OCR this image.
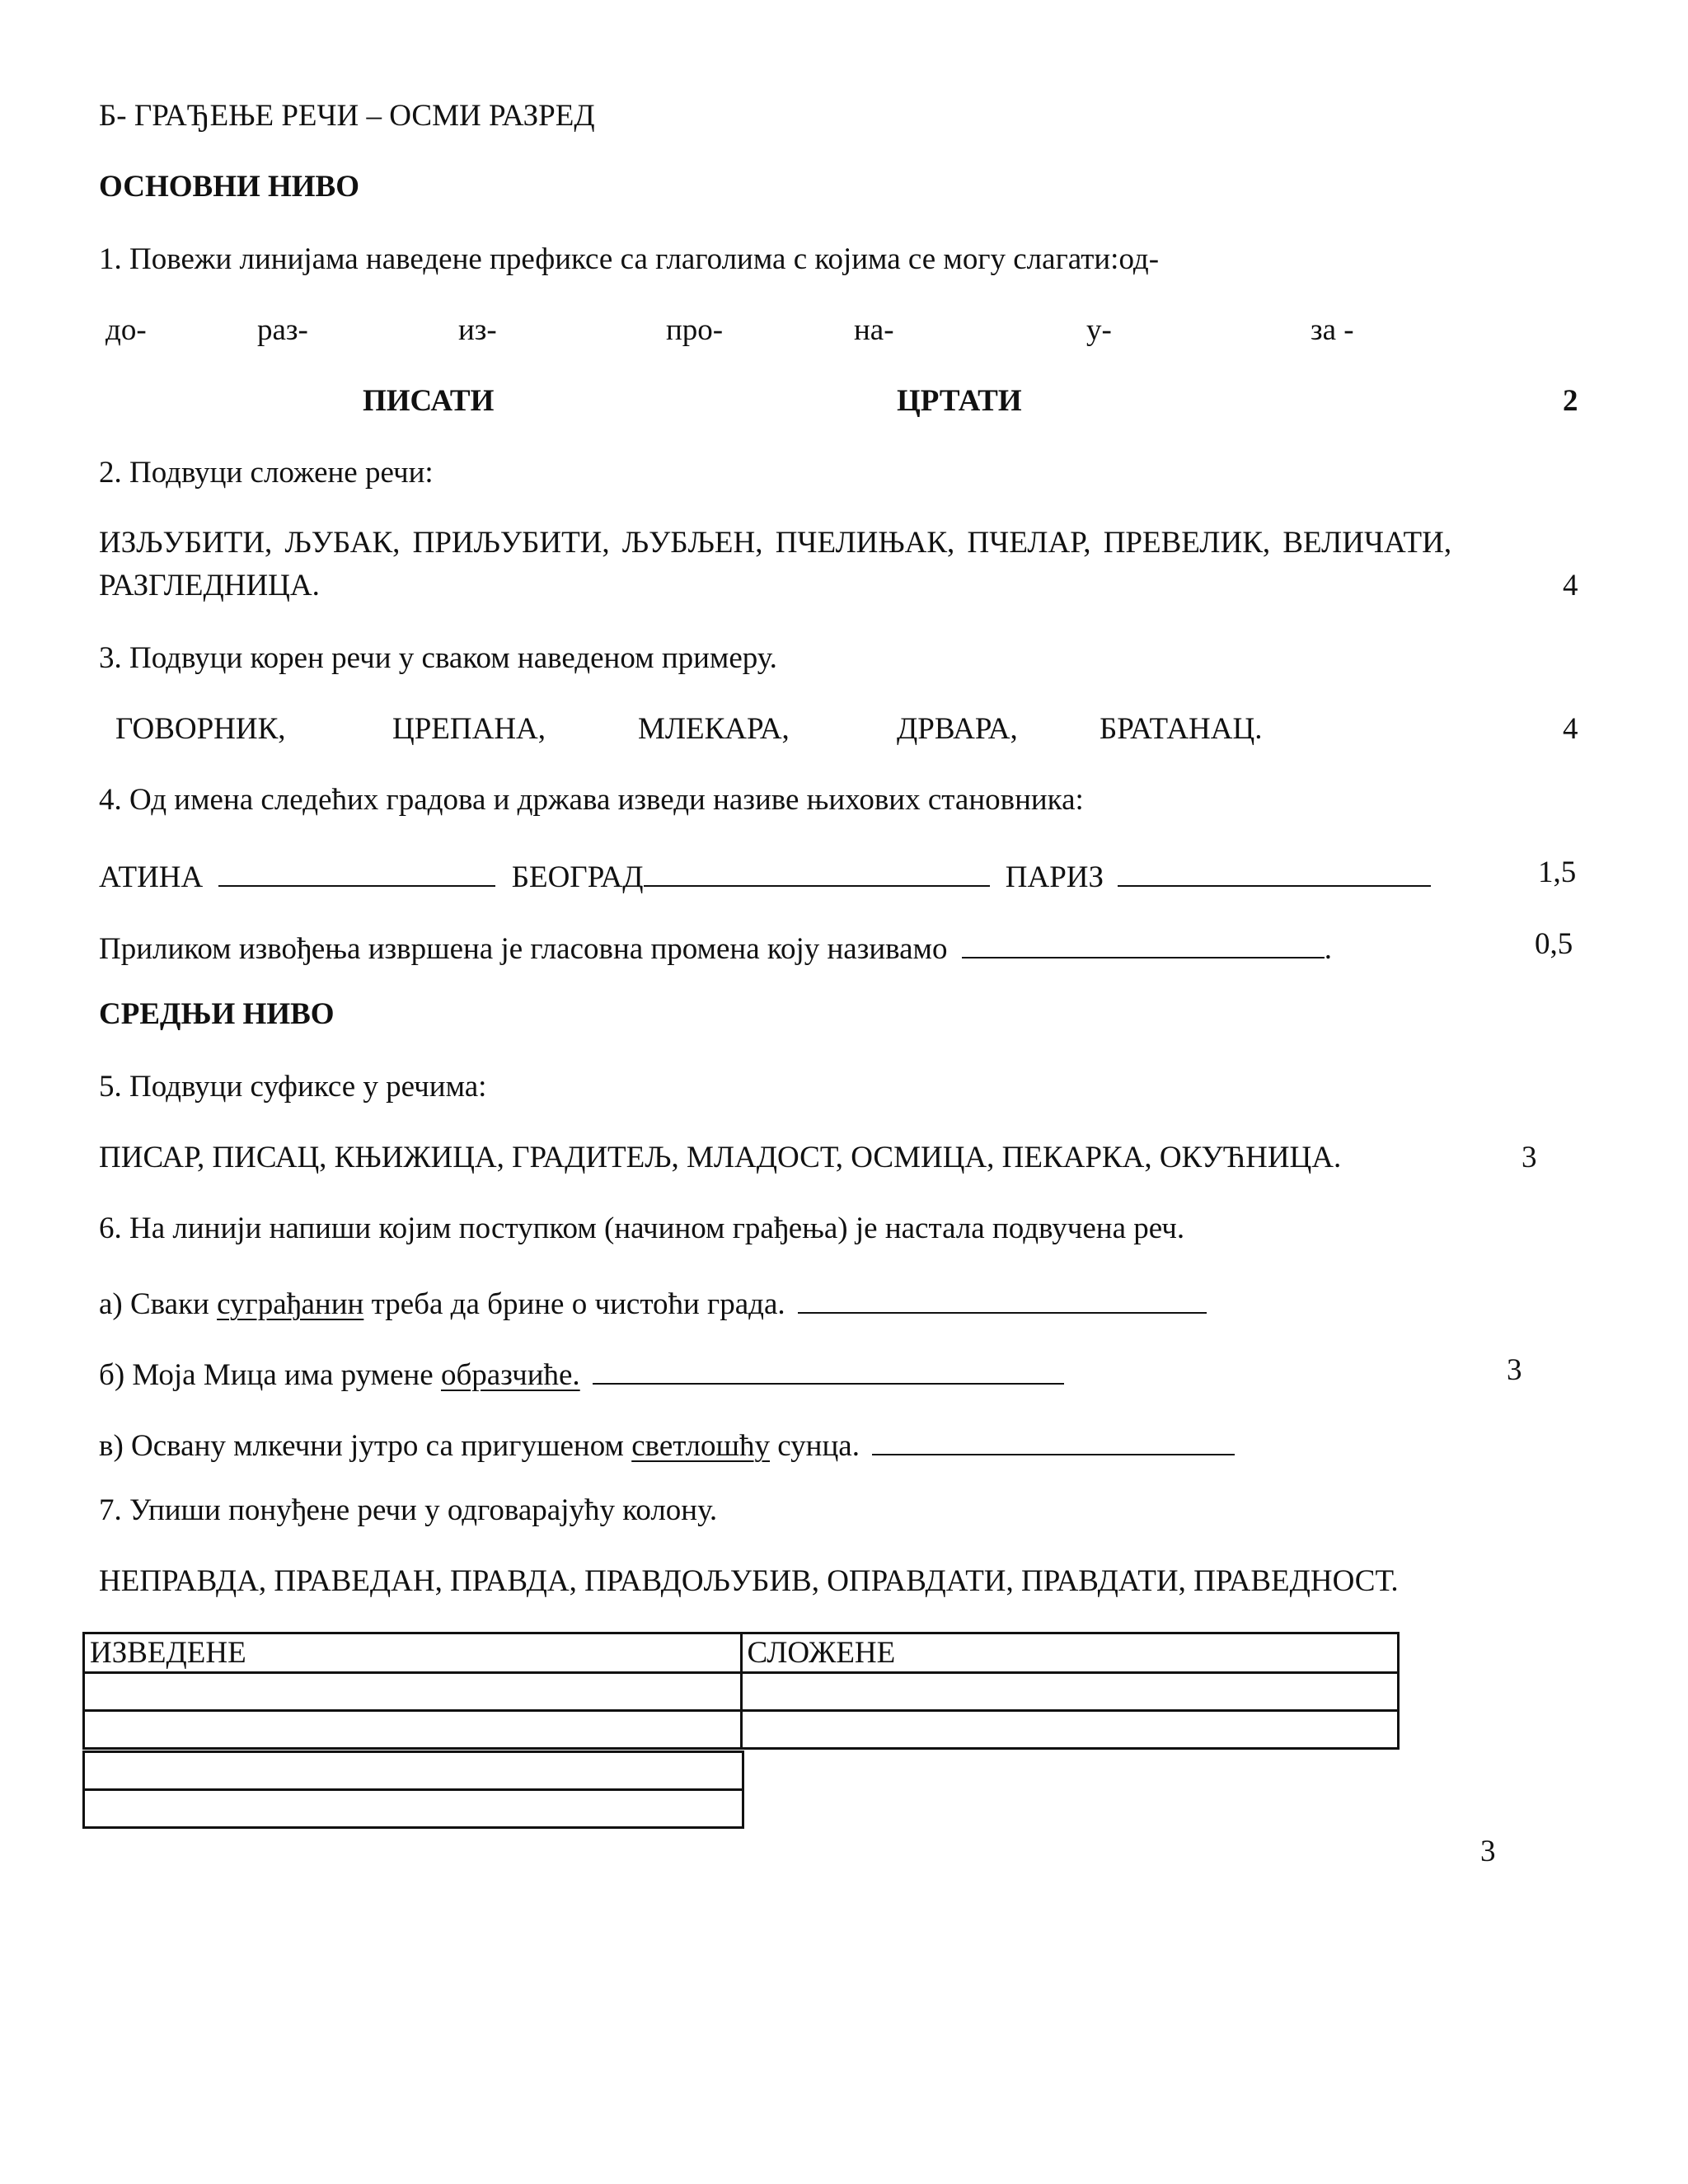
Б- ГРАЂЕЊЕ РЕЧИ – ОСМИ РАЗРЕД
ОСНОВНИ НИВО
1. Повежи линијама наведене префиксе са глаголима с којима се могу слагати:од-
до-	раз-	из-	про-	на-	у-	за -
ПИСАТИ	ЦРТАТИ	2
2. Подвуци сложене речи:
ИЗЉУБИТИ, ЉУБАК, ПРИЉУБИТИ, ЉУБЉЕН, ПЧЕЛИЊАК, ПЧЕЛАР, ПРЕВЕЛИК, ВЕЛИЧАТИ,
РАЗГЛЕДНИЦА.	4
3. Подвуци корен речи у сваком наведеном примеру.
ГОВОРНИК,	ЦРЕПАНА,	МЛЕКАРА,	ДРВАРА,	БРАТАНАЦ.	4
4. Од имена следећих градова и држава изведи називе њихових становника:
АТИНА	БЕОГРАД	ПАРИЗ	1,5
Приликом извођења извршена је гласовна промена коју називамо	.	0,5
СРЕДЊИ НИВО
5. Подвуци суфиксе у речима:
ПИСАР, ПИСАЦ, КЊИЖИЦА, ГРАДИТЕЉ, МЛАДОСТ, ОСМИЦА, ПЕКАРКА, ОКУЋНИЦА.	3
6. На линији напиши којим поступком (начином грађења) је настала подвучена реч.
а) Сваки суграђанин треба да брине о чистоћи града.
б) Моја Мица има румене образчиће.	3
в) Освану млкечни јутро са пригушеном светлошћу сунца.
7. Упиши понуђене речи у одговарајућу колону.
НЕПРАВДА, ПРАВЕДАН, ПРАВДА, ПРАВДОЉУБИВ, ОПРАВДАТИ, ПРАВДАТИ, ПРАВЕДНОСТ.
ИЗВЕДЕНЕ	СЛОЖЕНЕ

3
